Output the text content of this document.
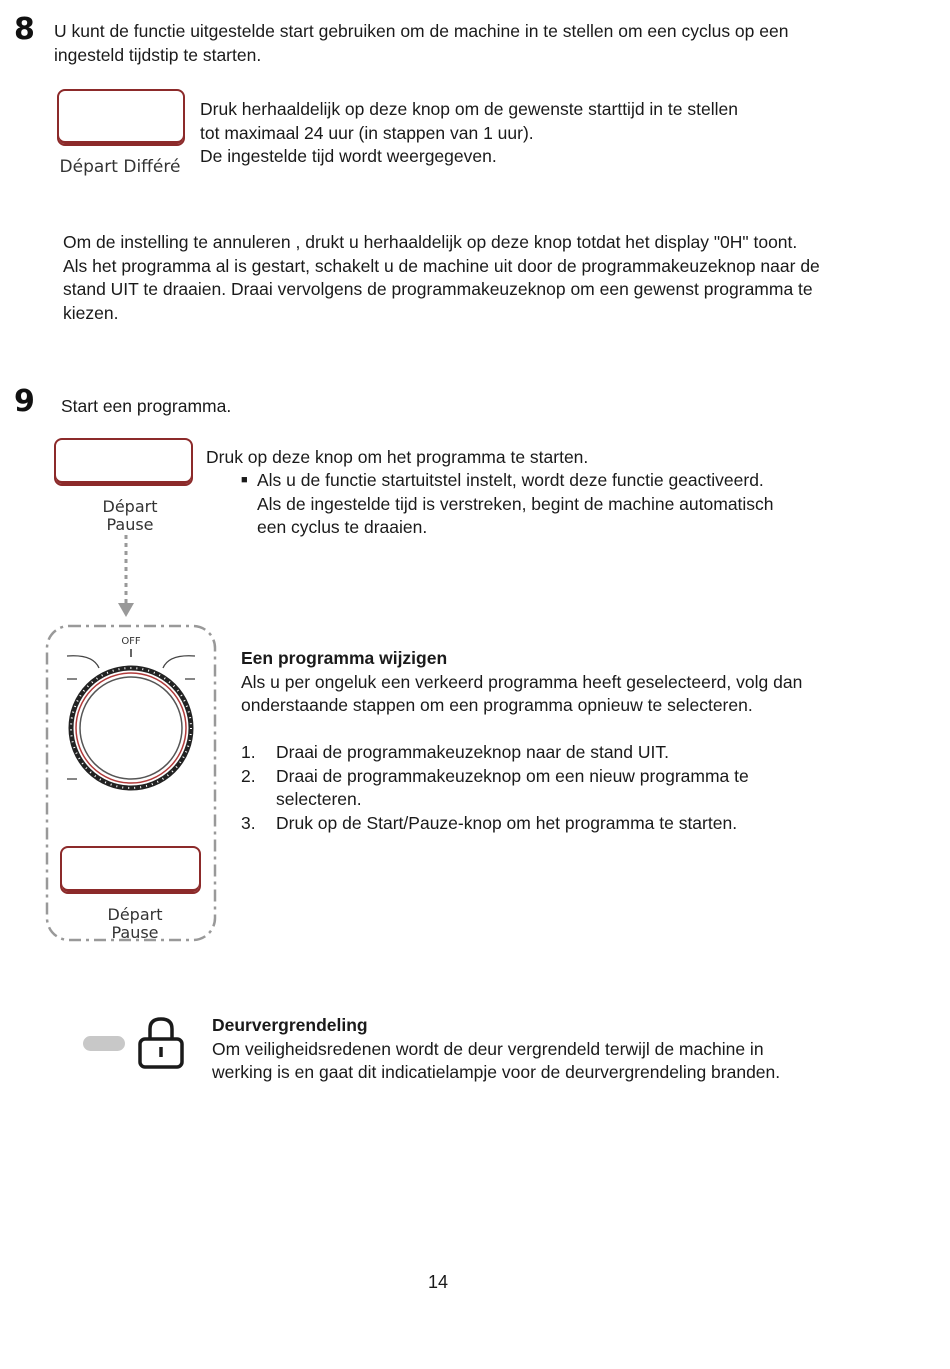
8 U kunt de functie uitgestelde start gebruiken om de machine in te stellen om een cyclus op een
ingesteld tijdstip te starten.
Départ Différé
Druk herhaaldelijk op deze knop om de gewenste starttijd in te stellen
tot maximaal 24 uur (in stappen van 1 uur).
De ingestelde tijd wordt weergegeven.
Om de instelling te annuleren , drukt u herhaaldelijk op deze knop totdat het display "0H" toont.
Als het programma al is gestart, schakelt u de machine uit door de programmakeuzeknop naar de
stand UIT te draaien. Draai vervolgens de programmakeuzeknop om een gewenst programma te
kiezen.
9 Start een programma.
Départ
Pause
Druk op deze knop om het programma te starten.
■ Als u de functie startuitstel instelt, wordt deze functie geactiveerd.
Als de ingestelde tijd is verstreken, begint de machine automatisch
een cyclus te draaien.
OFF
Départ
Pause
Een programma wijzigen
Als u per ongeluk een verkeerd programma heeft geselecteerd, volg dan
onderstaande stappen om een programma opnieuw te selecteren.
1.	Draai de programmakeuzeknop naar de stand UIT.
2.	Draai de programmakeuzeknop om een nieuw programma te
selecteren.
3.	Druk op de Start/Pauze-knop om het programma te starten.
Deurvergrendeling
Om veiligheidsredenen wordt de deur vergrendeld terwijl de machine in
werking is en gaat dit indicatielampje voor de deurvergrendeling branden.
14
